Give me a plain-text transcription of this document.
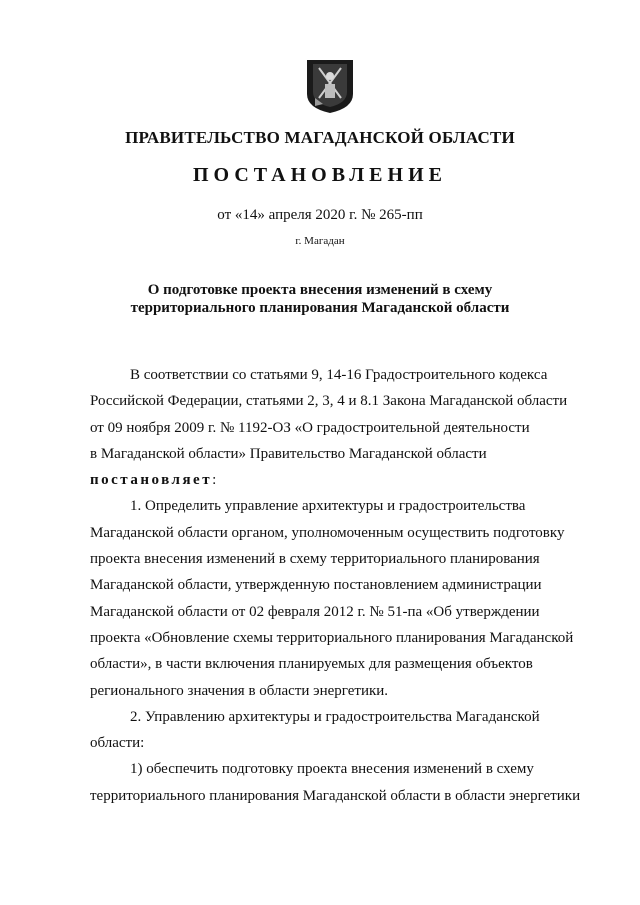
ПРАВИТЕЛЬСТВО МАГАДАНСКОЙ ОБЛАСТИ
ПОСТАНОВЛЕНИЕ
от «14» апреля 2020 г. № 265-пп
г. Магадан
О подготовке проекта внесения изменений в схему
территориального планирования Магаданской области

В соответствии со статьями 9, 14-16 Градостроительного кодекса

Российской Федерации, статьями 2, 3, 4 и 8.1 Закона Магаданской области

от 09 ноября 2009 г. № 1192-ОЗ «О градостроительной деятельности

в Магаданской области» Правительство Магаданской области

постановляет:

1. Определить управление архитектуры и градостроительства

Магаданской области органом, уполномоченным осуществить подготовку

проекта внесения изменений в схему территориального планирования

Магаданской области, утвержденную постановлением администрации

Магаданской области от 02 февраля 2012 г. № 51-па «Об утверждении

проекта «Обновление схемы территориального планирования Магаданской

области», в части включения планируемых для размещения объектов

регионального значения в области энергетики.

2. Управлению архитектуры и градостроительства Магаданской

области:

1) обеспечить подготовку проекта внесения изменений в схему

территориального планирования Магаданской области в области энергетики
